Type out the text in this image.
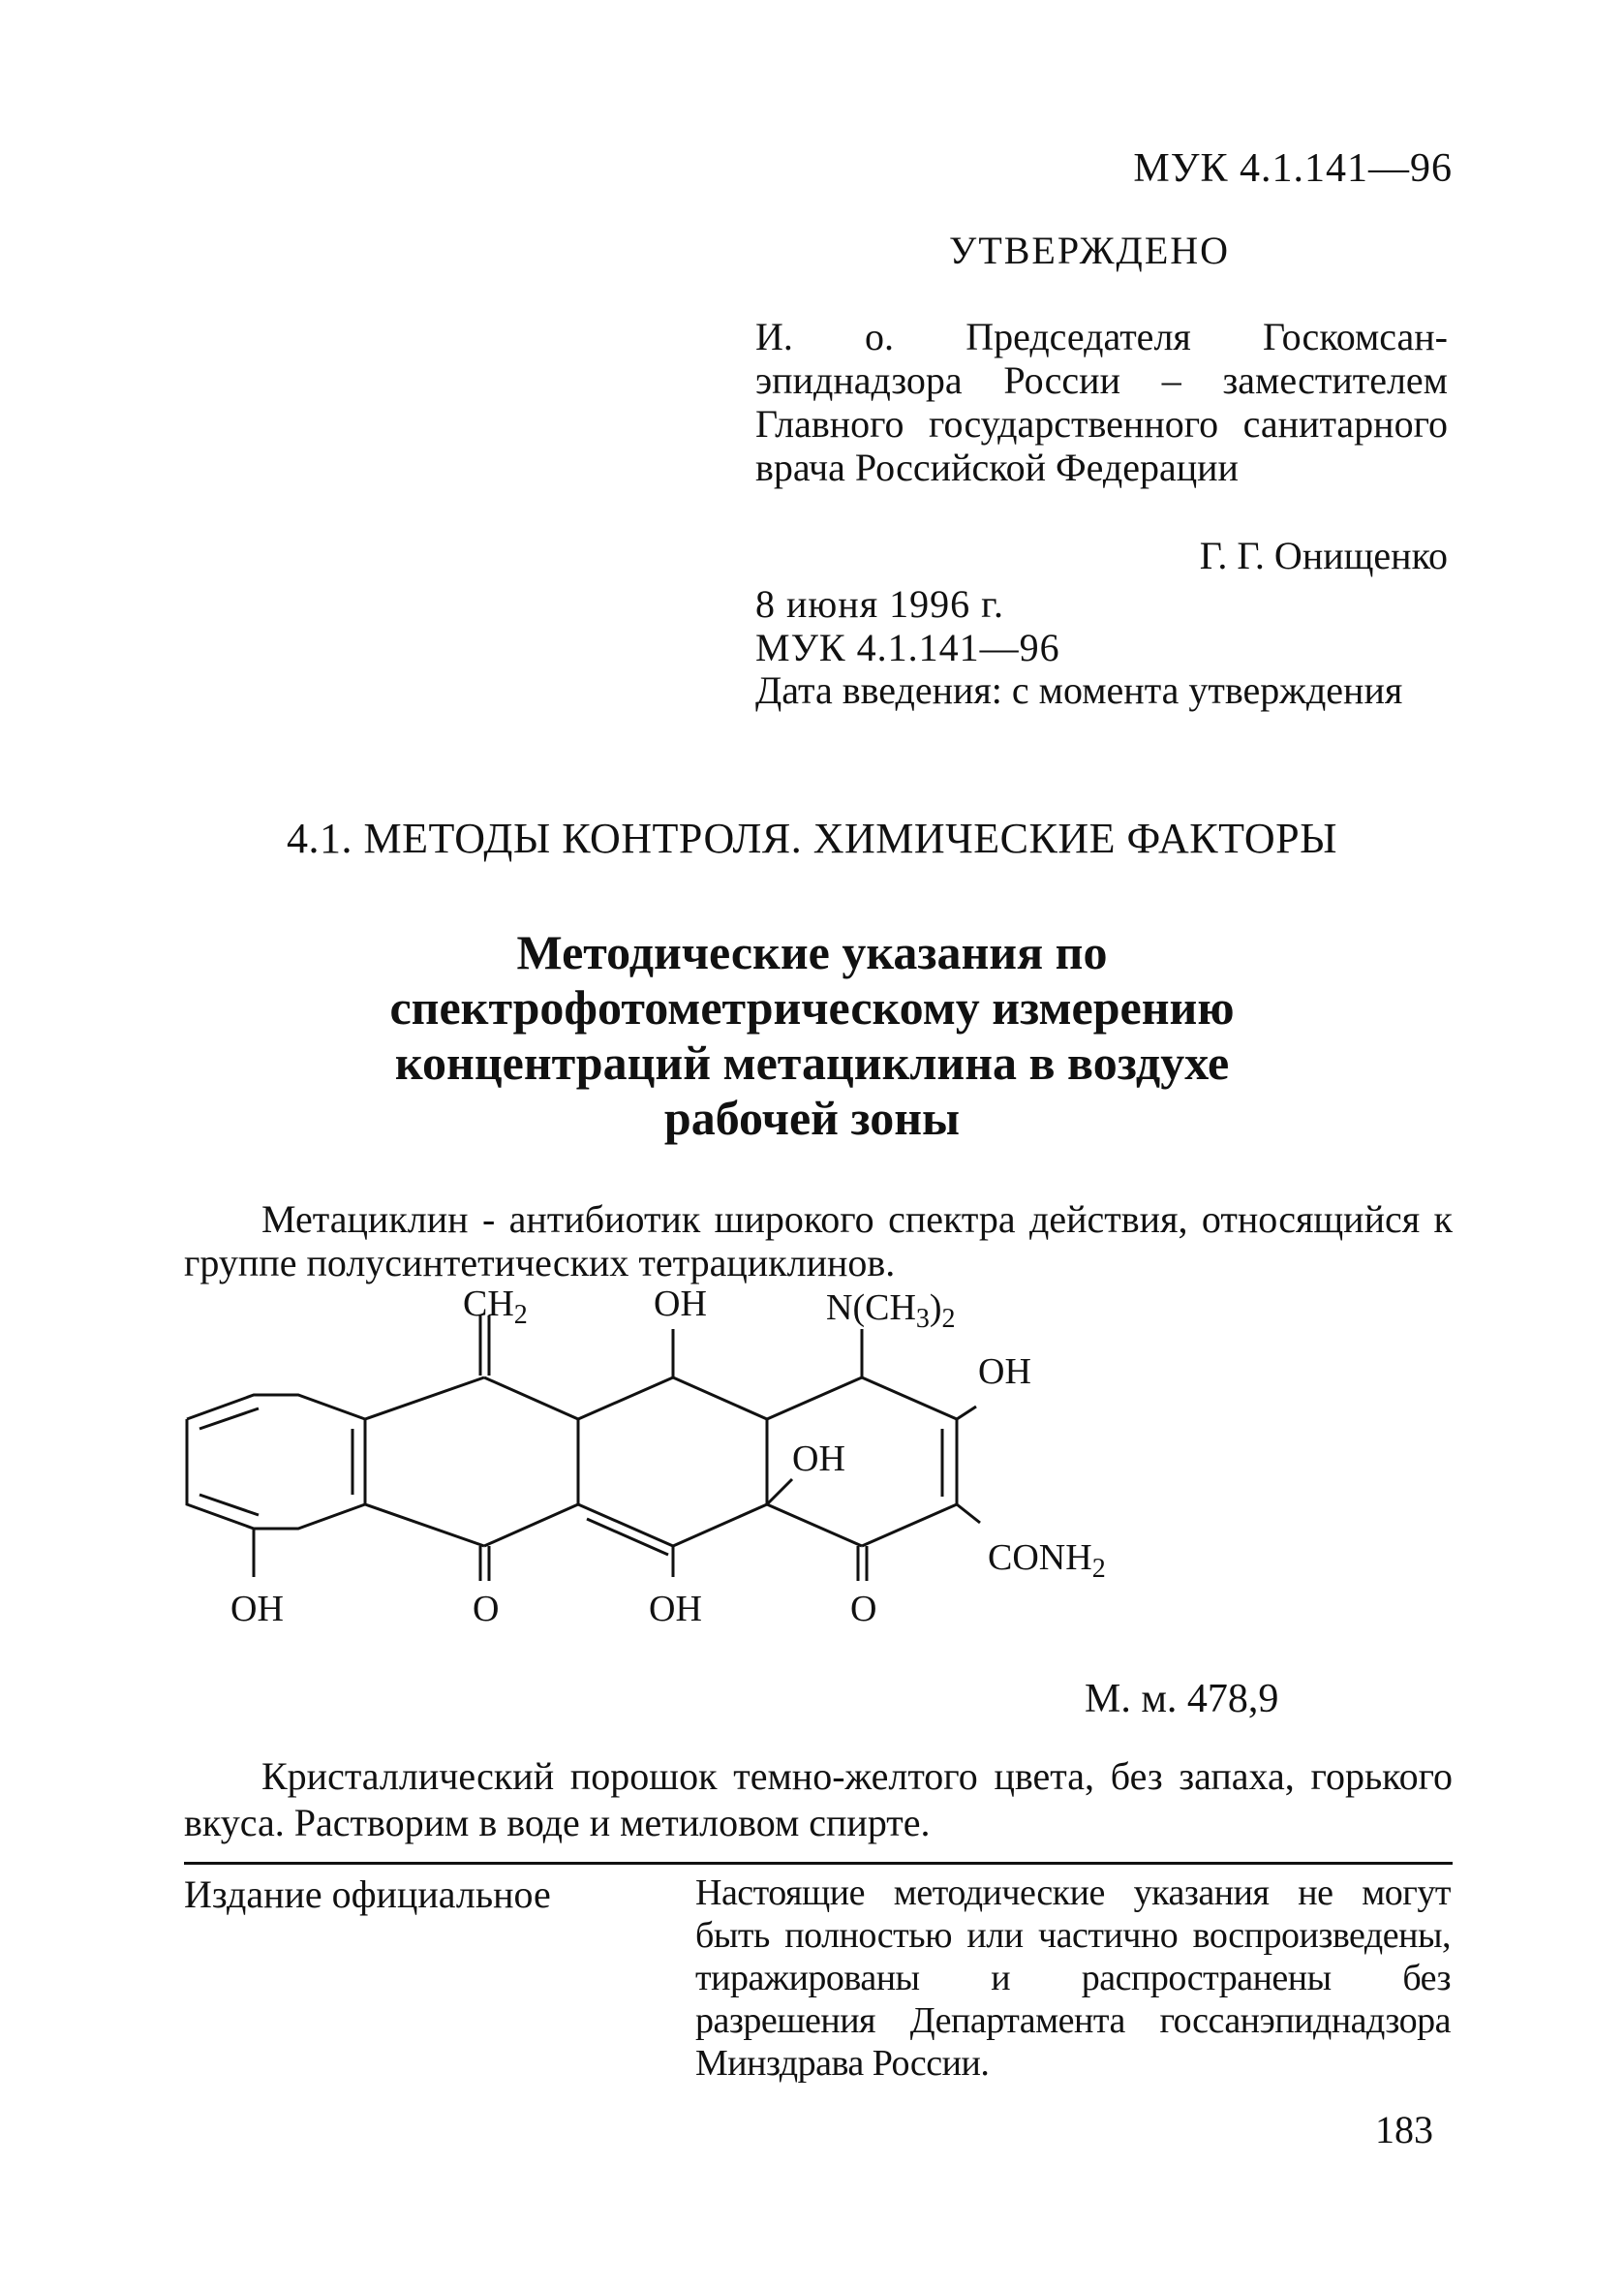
МУК 4.1.141—96
УТВЕРЖДЕНО
И. о. Председателя Госкомсан-эпиднадзора России – заместителем Главного государственного санитарного врача Российской Федерации
Г. Г. Онищенко
8 июня 1996 г.
МУК 4.1.141—96
Дата введения: с момента утверждения
4.1. МЕТОДЫ КОНТРОЛЯ. ХИМИЧЕСКИЕ ФАКТОРЫ
Методические указания по
спектрофотометрическому измерению
концентраций метациклина в воздухе
рабочей зоны
Метациклин - антибиотик широкого спектра действия, относящийся к группе полусинтетических тетрациклинов.
$CH_2$	OH	$N(CH_3)_2$
OH
OH
$CONH_2$
OH	O	OH	O
М. м. 478,9
Кристаллический порошок темно-желтого цвета, без запаха, горького вкуса. Растворим в воде и метиловом спирте.
Издание официальное	Настоящие методические указания не могут быть полностью или частично воспроизведены, тиражированы и распространены без разрешения Департамента госсанэпиднадзора Минздрава России.
183
